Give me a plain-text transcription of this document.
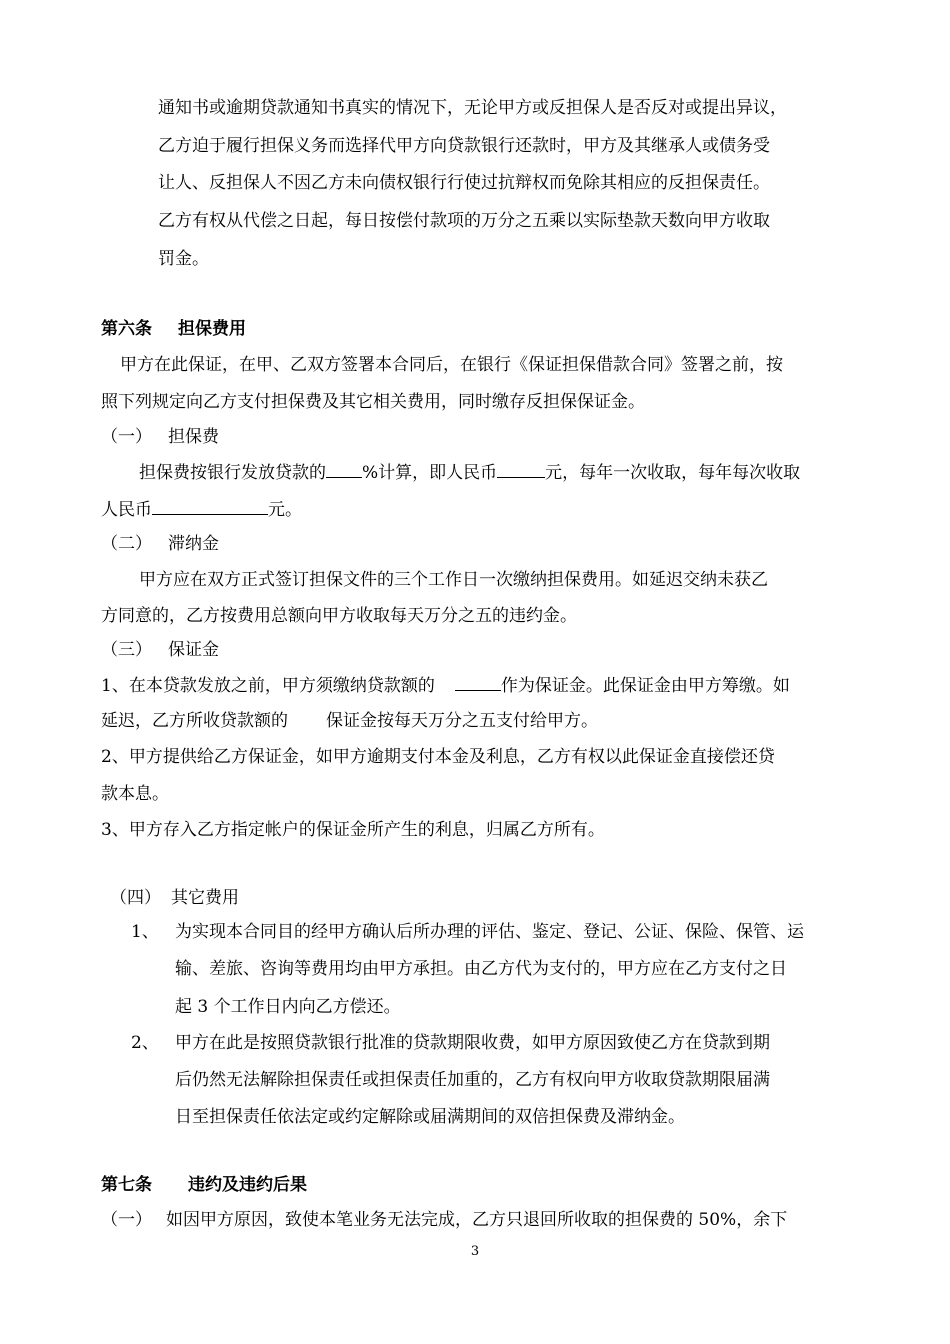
通知书或逾期贷款通知书真实的情况下，无论甲方或反担保人是否反对或提出异议，
乙方迫于履行担保义务而选择代甲方向贷款银行还款时，甲方及其继承人或债务受
让人、反担保人不因乙方未向债权银行行使过抗辩权而免除其相应的反担保责任。
乙方有权从代偿之日起，每日按偿付款项的万分之五乘以实际垫款天数向甲方收取
罚金。
第六条 担保费用
甲方在此保证，在甲、乙双方签署本合同后，在银行《保证担保借款合同》签署之前，按
照下列规定向乙方支付担保费及其它相关费用，同时缴存反担保保证金。
（一） 担保费
担保费按银行发放贷款的 %计算，即人民币	元，每年一次收取，每年每次收取
人民币	元。
（二） 滞纳金
甲方应在双方正式签订担保文件的三个工作日一次缴纳担保费用。如延迟交纳未获乙
方同意的，乙方按费用总额向甲方收取每天万分之五的违约金。
（三） 保证金
1、在本贷款发放之前，甲方须缴纳贷款额的	作为保证金。此保证金由甲方筹缴。如
延迟，乙方所收贷款额的 保证金按每天万分之五支付给甲方。
2、甲方提供给乙方保证金，如甲方逾期支付本金及利息，乙方有权以此保证金直接偿还贷
款本息。
3、甲方存入乙方指定帐户的保证金所产生的利息，归属乙方所有。
（四） 其它费用
1、 为实现本合同目的经甲方确认后所办理的评估、鉴定、登记、公证、保险、保管、运
输、差旅、咨询等费用均由甲方承担。由乙方代为支付的，甲方应在乙方支付之日
起 3 个工作日内向乙方偿还。
2、 甲方在此是按照贷款银行批准的贷款期限收费，如甲方原因致使乙方在贷款到期
后仍然无法解除担保责任或担保责任加重的，乙方有权向甲方收取贷款期限届满
日至担保责任依法定或约定解除或届满期间的双倍担保费及滞纳金。
第七条 违约及违约后果
（一） 如因甲方原因，致使本笔业务无法完成，乙方只退回所收取的担保费的 50%，余下
3
